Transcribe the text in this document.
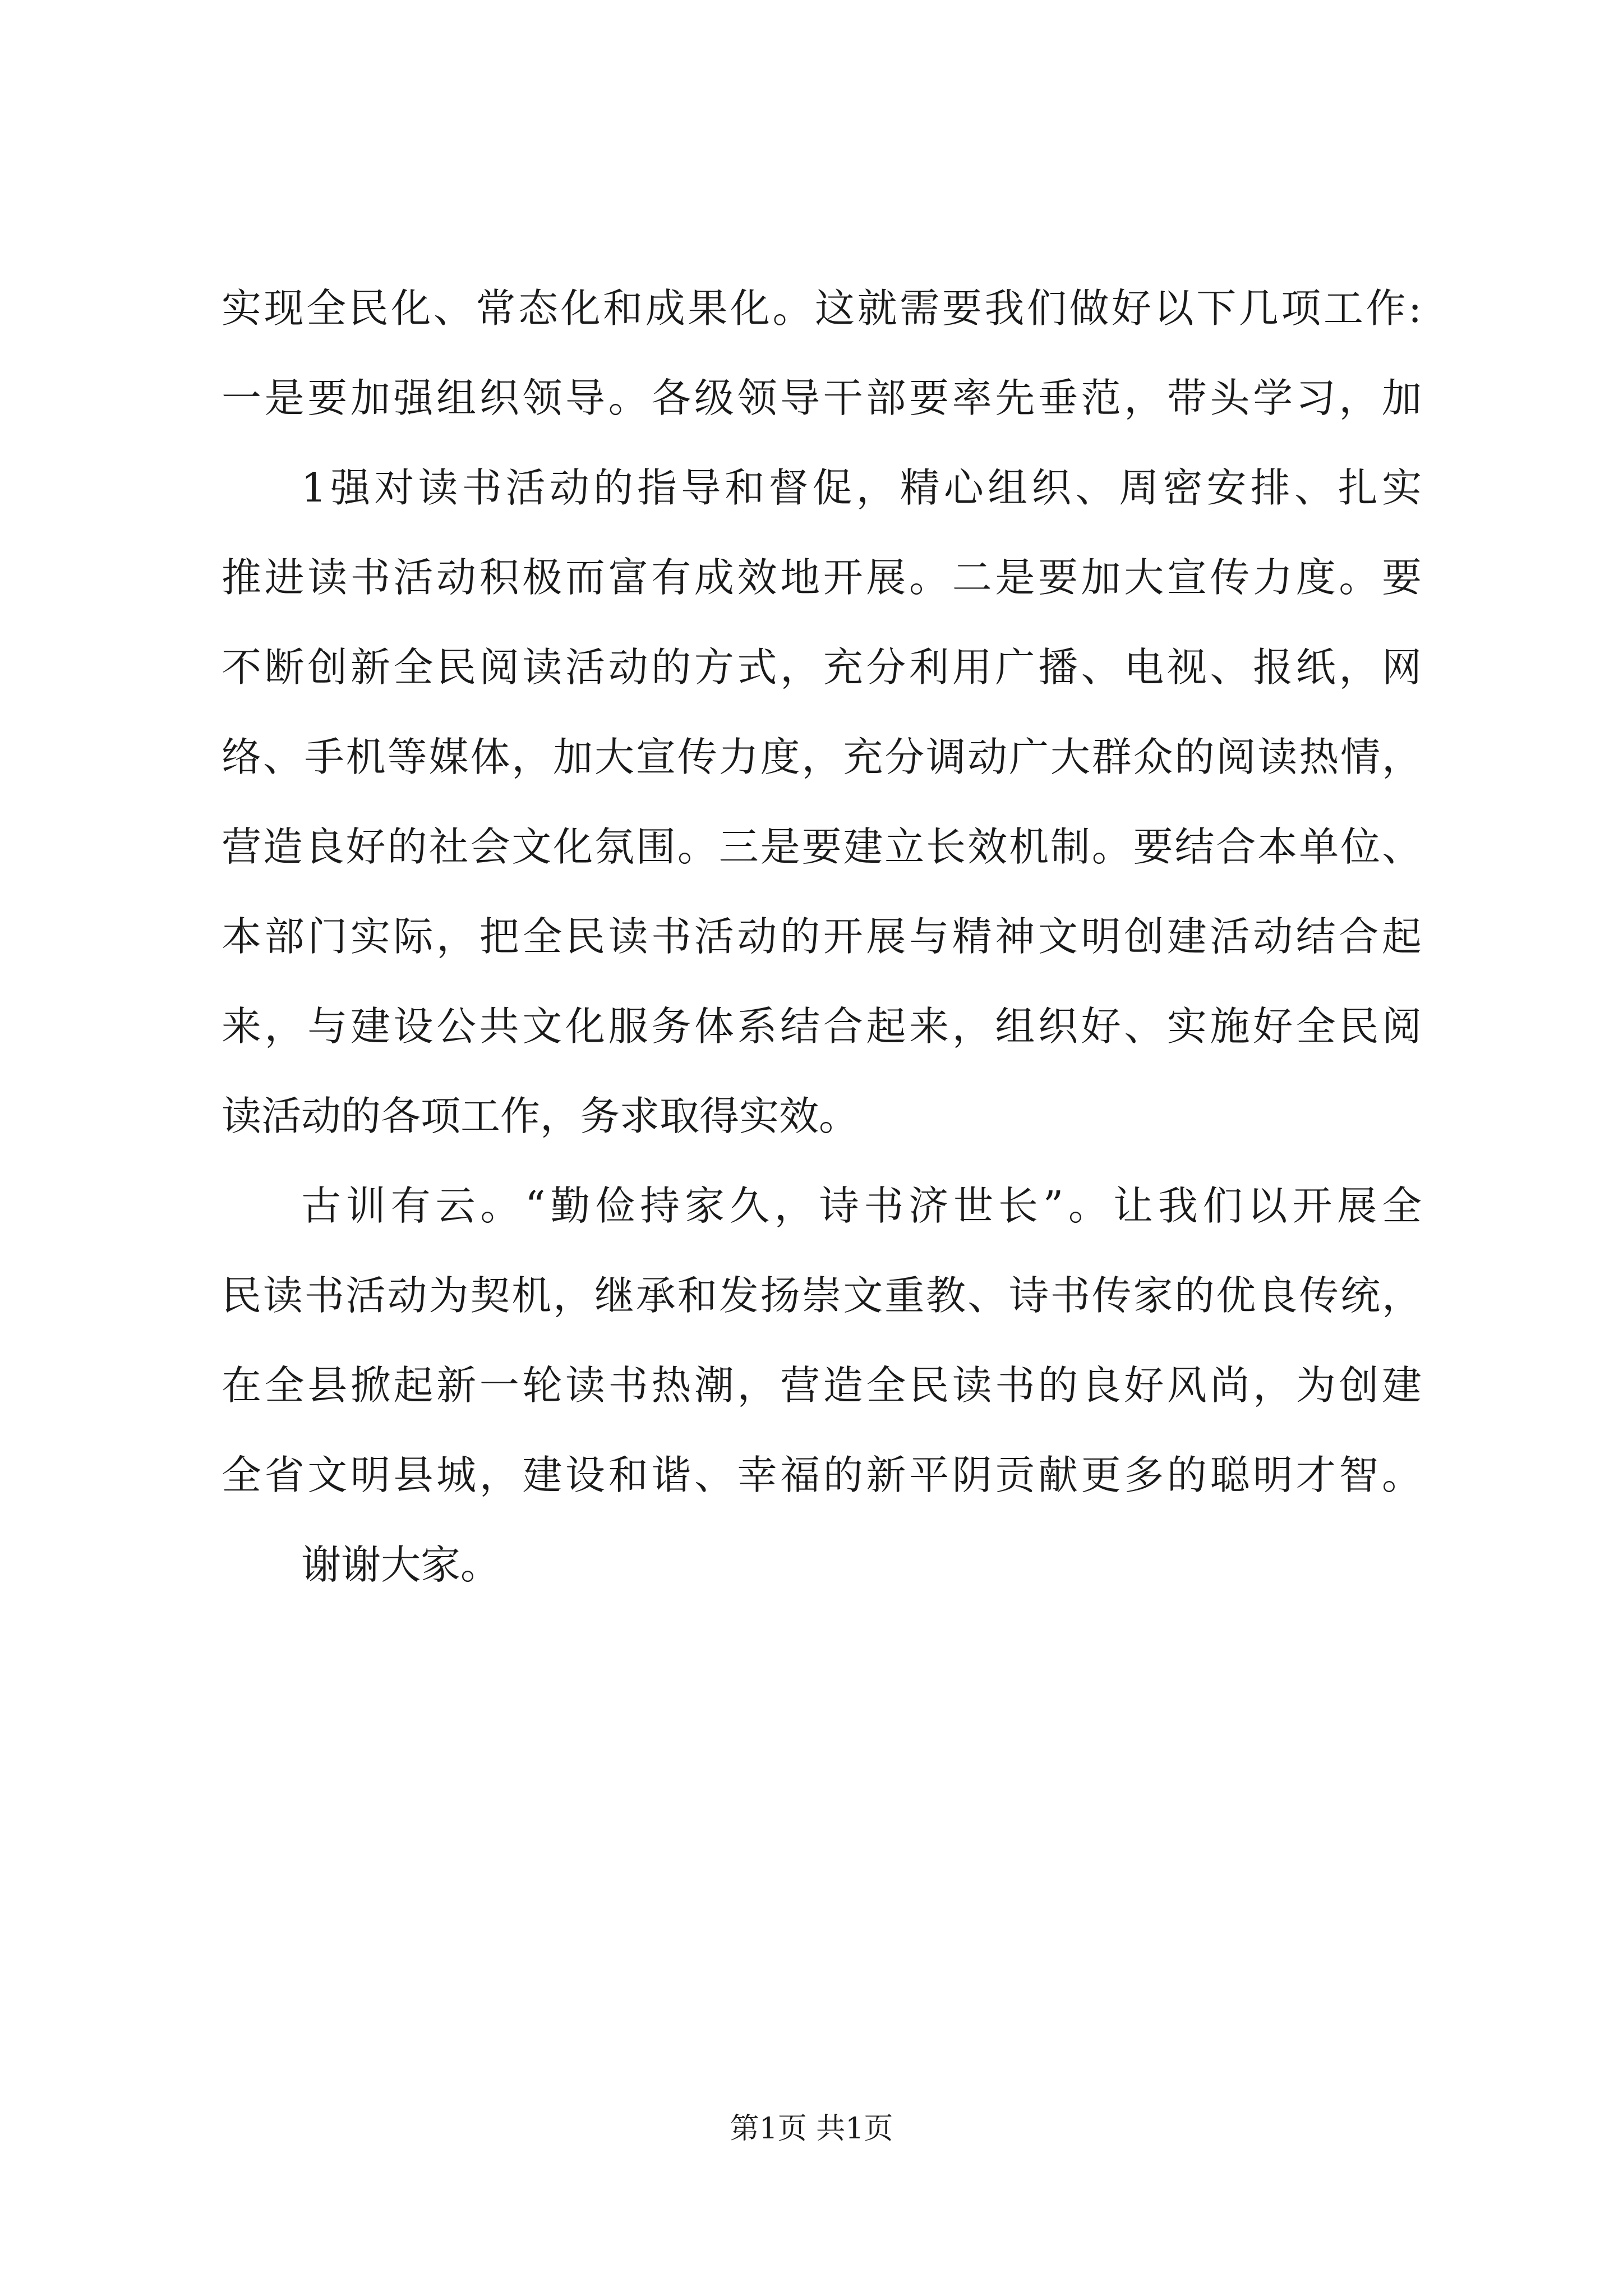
实现全民化、常态化和成果化。这就需要我们做好以下几项工作:
一是要加强组织领导。各级领导干部要率先垂范，带头学习，加
1强对读书活动的指导和督促，精心组织、周密安排、扎实
推进读书活动积极而富有成效地开展。二是要加大宣传力度。要
不断创新全民阅读活动的方式，充分利用广播、电视、报纸，网
络、手机等媒体，加大宣传力度，充分调动广大群众的阅读热情，
营造良好的社会文化氛围。三是要建立长效机制。要结合本单位、
本部门实际，把全民读书活动的开展与精神文明创建活动结合起
来，与建设公共文化服务体系结合起来，组织好、实施好全民阅
读活动的各项工作，务求取得实效。
古训有云。“勤俭持家久，诗书济世长”。让我们以开展全
民读书活动为契机，继承和发扬崇文重教、诗书传家的优良传统，
在全县掀起新一轮读书热潮，营造全民读书的良好风尚，为创建
全省文明县城，建设和谐、幸福的新平阴贡献更多的聪明才智。
谢谢大家。
第1页 共1页
